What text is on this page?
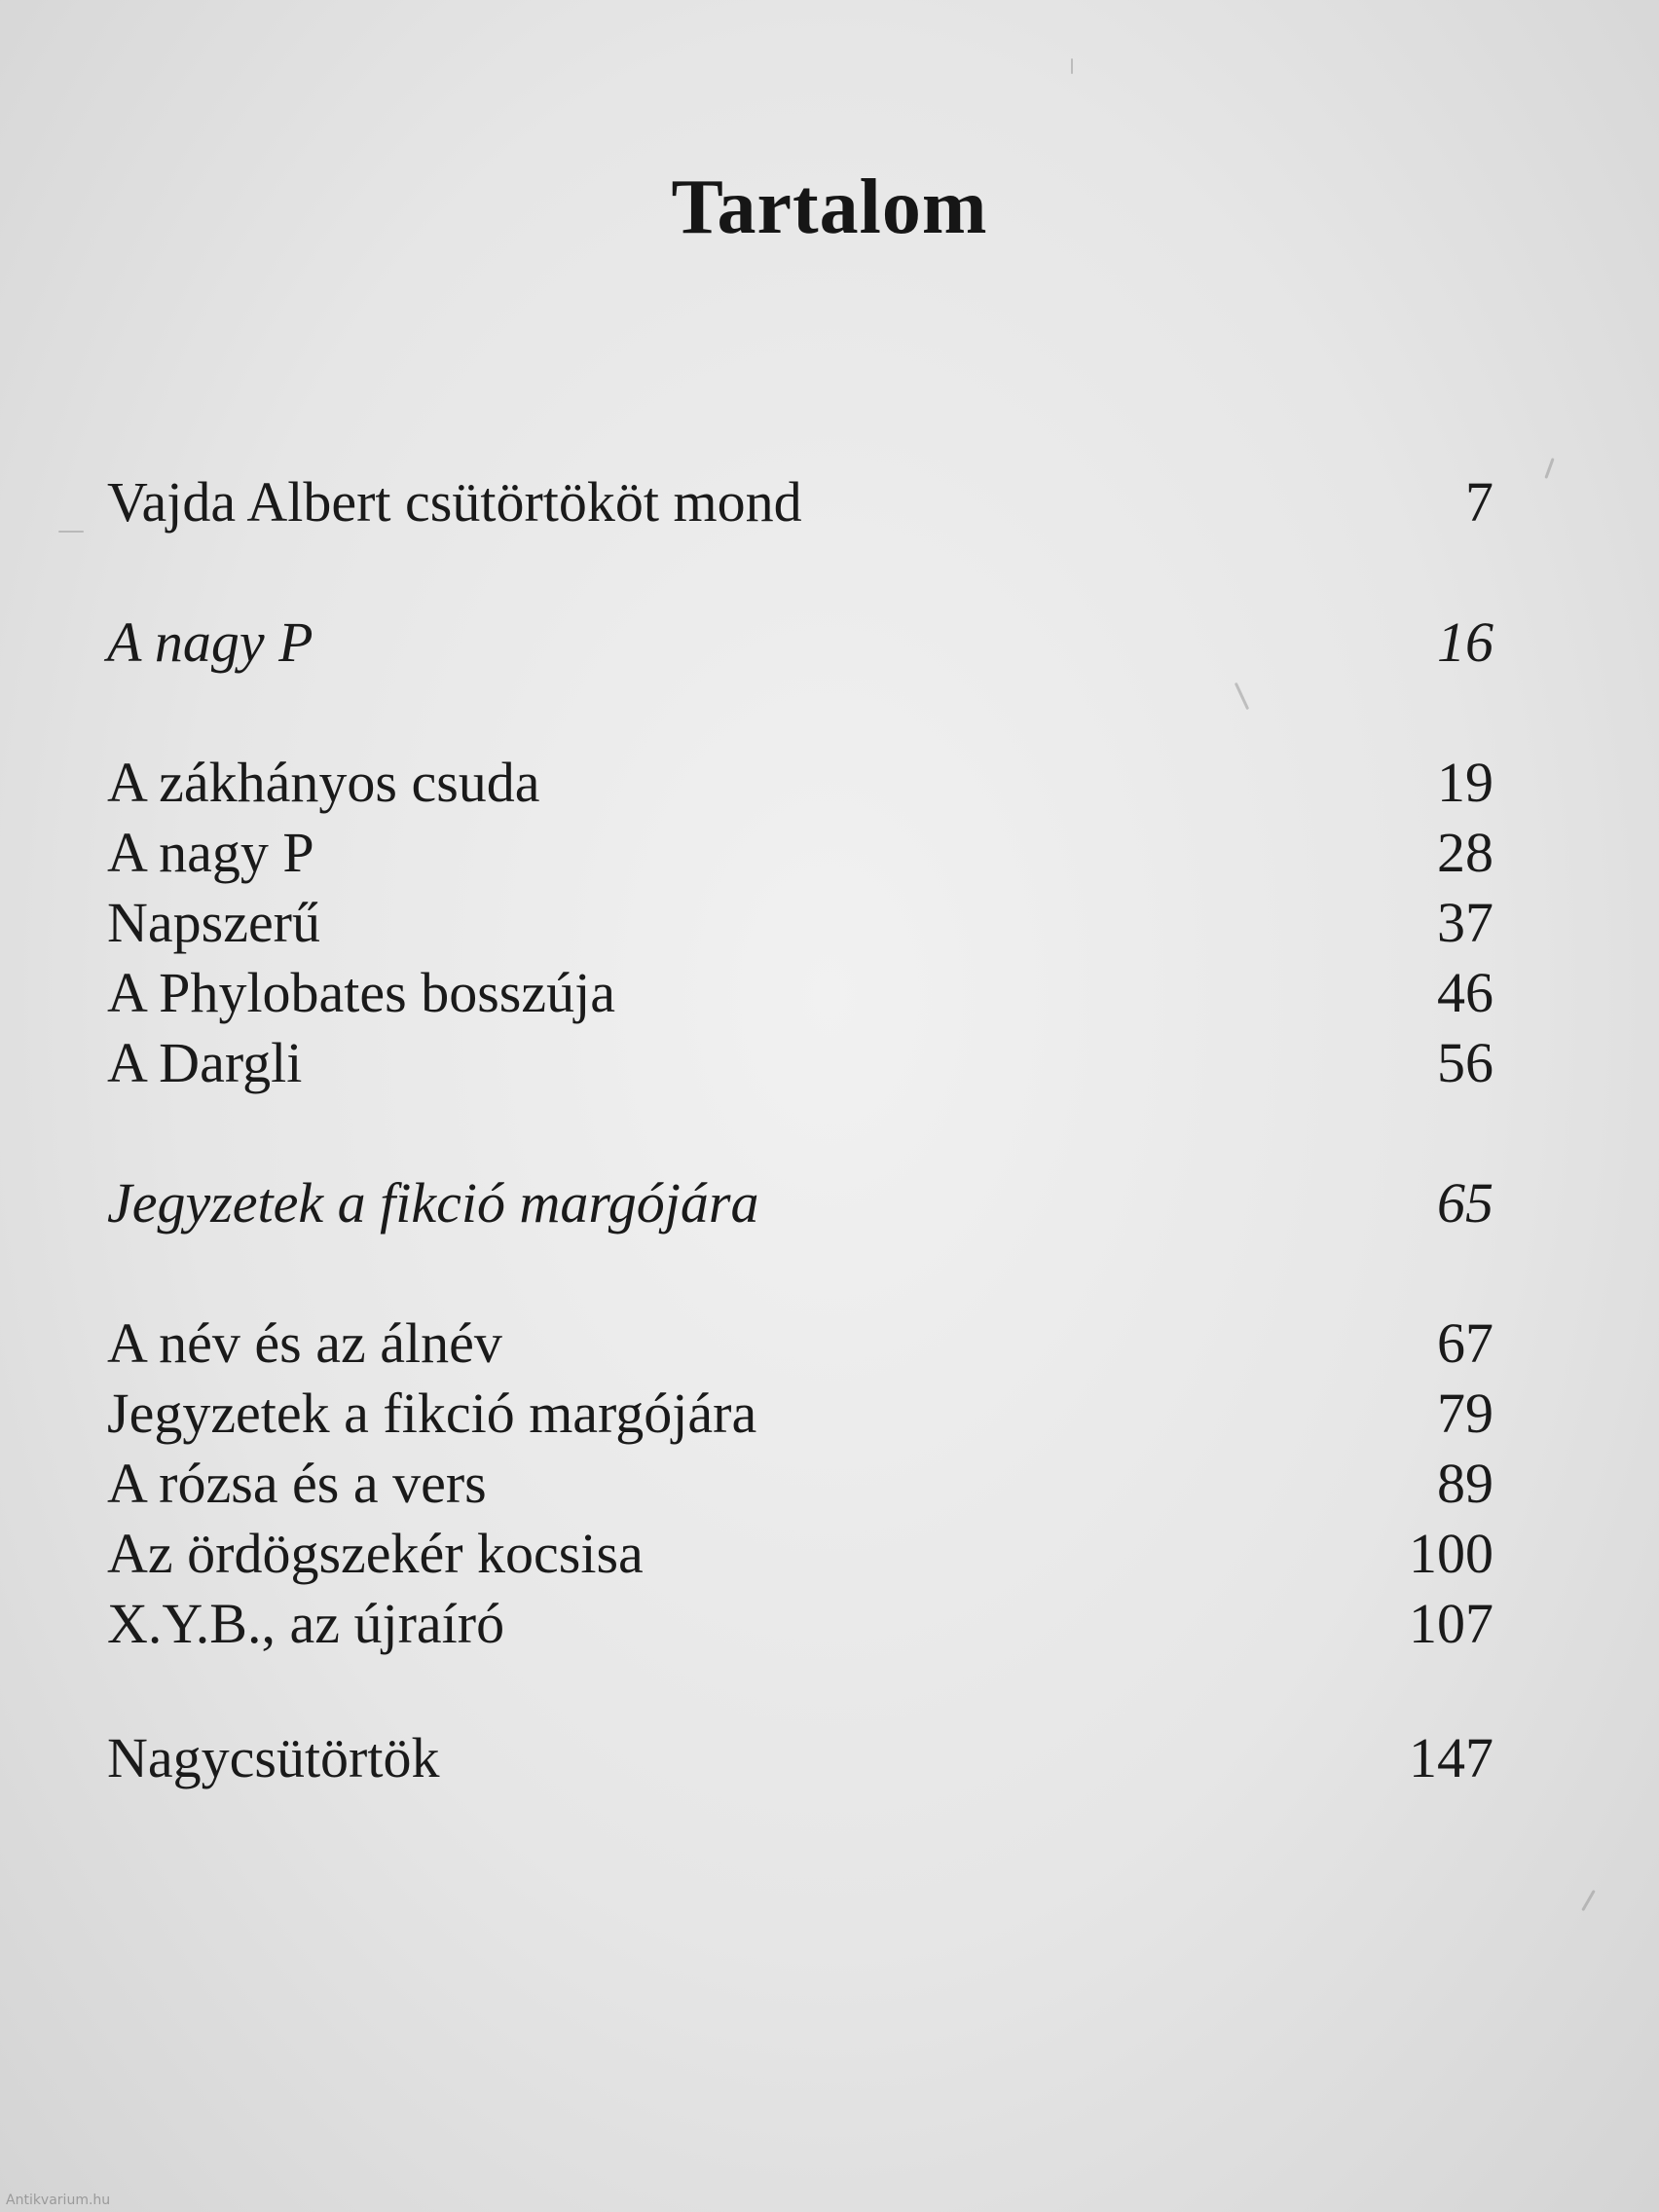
Tartalom
Vajda Albert csütörtököt mond	7
A nagy P	16
A zákhányos csuda	19
A nagy P	28
Napszerű	37
A Phylobates bosszúja	46
A Dargli	56
Jegyzetek a fikció margójára	65
A név és az álnév	67
Jegyzetek a fikció margójára	79
A rózsa és a vers	89
Az ördögszekér kocsisa	100
X.Y.B., az újraíró	107
Nagycsütörtök	147
Antikvarium.hu
